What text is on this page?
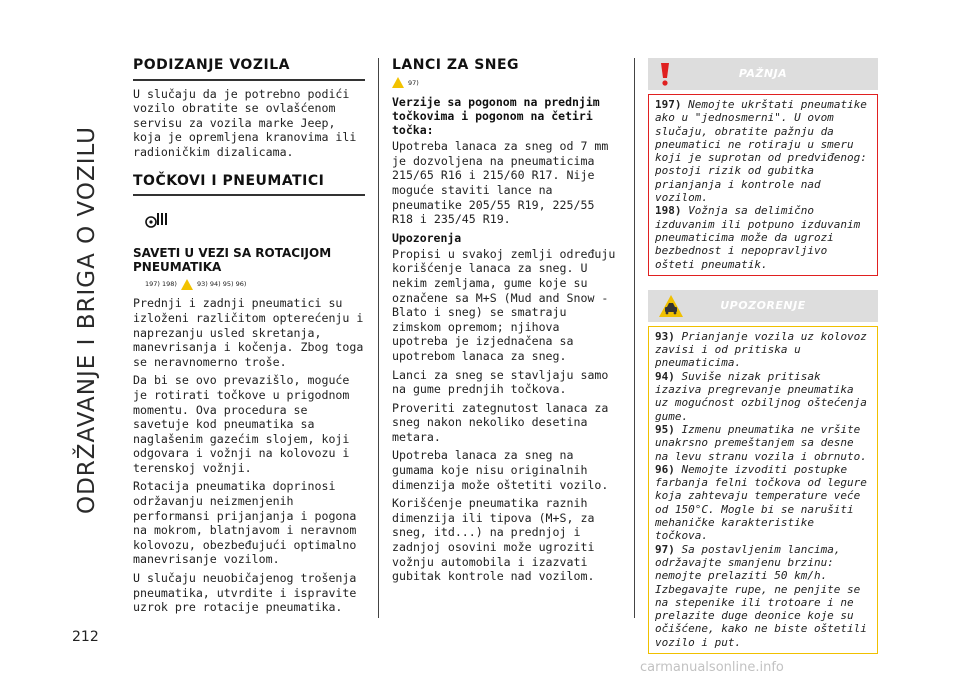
ODRŽAVANJE I BRIGA O VOZILU
212
carmanualsonline.info
PODIZANJE VOZILA

U slučaju da je potrebno podići vozilo obratite se ovlašćenom servisu za vozila marke Jeep, koja je opremljena kranovima ili radioničkim dizalicama.

TOČKOVI I PNEUMATICI
SAVETI U VEZI SA ROTACIJOM PNEUMATIKA
197) 198)	93) 94) 95) 96)

Prednji i zadnji pneumatici su izloženi različitom opterećenju i naprezanju usled skretanja, manevrisanja i kočenja. Zbog toga se neravnomerno troše.

Da bi se ovo prevazišlo, moguće je rotirati točkove u prigodnom momentu. Ova procedura se savetuje kod pneumatika sa naglašenim gazećim slojem, koji odgovara i vožnji na kolovozu i terenskoj vožnji.

Rotacija pneumatika doprinosi održavanju neizmenjenih performansi prijanjanja i pogona na mokrom, blatnjavom i neravnom kolovozu, obezbeđujući optimalno manevrisanje vozilom.

U slučaju neuobičajenog trošenja pneumatika, utvrdite i ispravite uzrok pre rotacije pneumatika.

LANCI ZA SNEG
97)
Verzije sa pogonom na prednjim točkovima i pogonom na četiri točka:

Upotreba lanaca za sneg od 7 mm je dozvoljena na pneumaticima 215/65 R16 i 215/60 R17. Nije moguće staviti lance na pneumatike 205/55 R19, 225/55 R18 i 235/45 R19.

Upozorenja

Propisi u svakoj zemlji određuju korišćenje lanaca za sneg. U nekim zemljama, gume koje su označene sa M+S (Mud and Snow - Blato i sneg) se smatraju zimskom opremom; njihova upotreba je izjednačena sa upotrebom lanaca za sneg.

Lanci za sneg se stavljaju samo na gume prednjih točkova.

Proveriti zategnutost lanaca za sneg nakon nekoliko desetina metara.

Upotreba lanaca za sneg na gumama koje nisu originalnih dimenzija može oštetiti vozilo.

Korišćenje pneumatika raznih dimenzija ili tipova (M+S, za sneg, itd...) na prednjoj i zadnjoj osovini može ugroziti vožnju automobila i izazvati gubitak kontrole nad vozilom.

PAŽNJA
197) Nemojte ukrštati pneumatike ako u "jednosmerni". U ovom slučaju, obratite pažnju da pneumatici ne rotiraju u smeru koji je suprotan od predviđenog: postoji rizik od gubitka prianjanja i kontrole nad vozilom.
198) Vožnja sa delimično izduvanim ili potpuno izduvanim pneumaticima može da ugrozi bezbednost i nepopravljivo ošteti pneumatik.
UPOZORENJE
93) Prianjanje vozila uz kolovoz zavisi i od pritiska u pneumaticima.
94) Suviše nizak pritisak izaziva pregrevanje pneumatika uz mogućnost ozbiljnog oštećenja gume.
95) Izmenu pneumatika ne vršite unakrsno premeštanjem sa desne na levu stranu vozila i obrnuto.
96) Nemojte izvoditi postupke farbanja felni točkova od legure koja zahtevaju temperature veće od 150°C. Mogle bi se narušiti mehaničke karakteristike točkova.
97) Sa postavljenim lancima, održavajte smanjenu brzinu: nemojte prelaziti 50 km/h. Izbegavajte rupe, ne penjite se na stepenike ili trotoare i ne prelazite duge deonice koje su očišćene, kako ne biste oštetili vozilo i put.
